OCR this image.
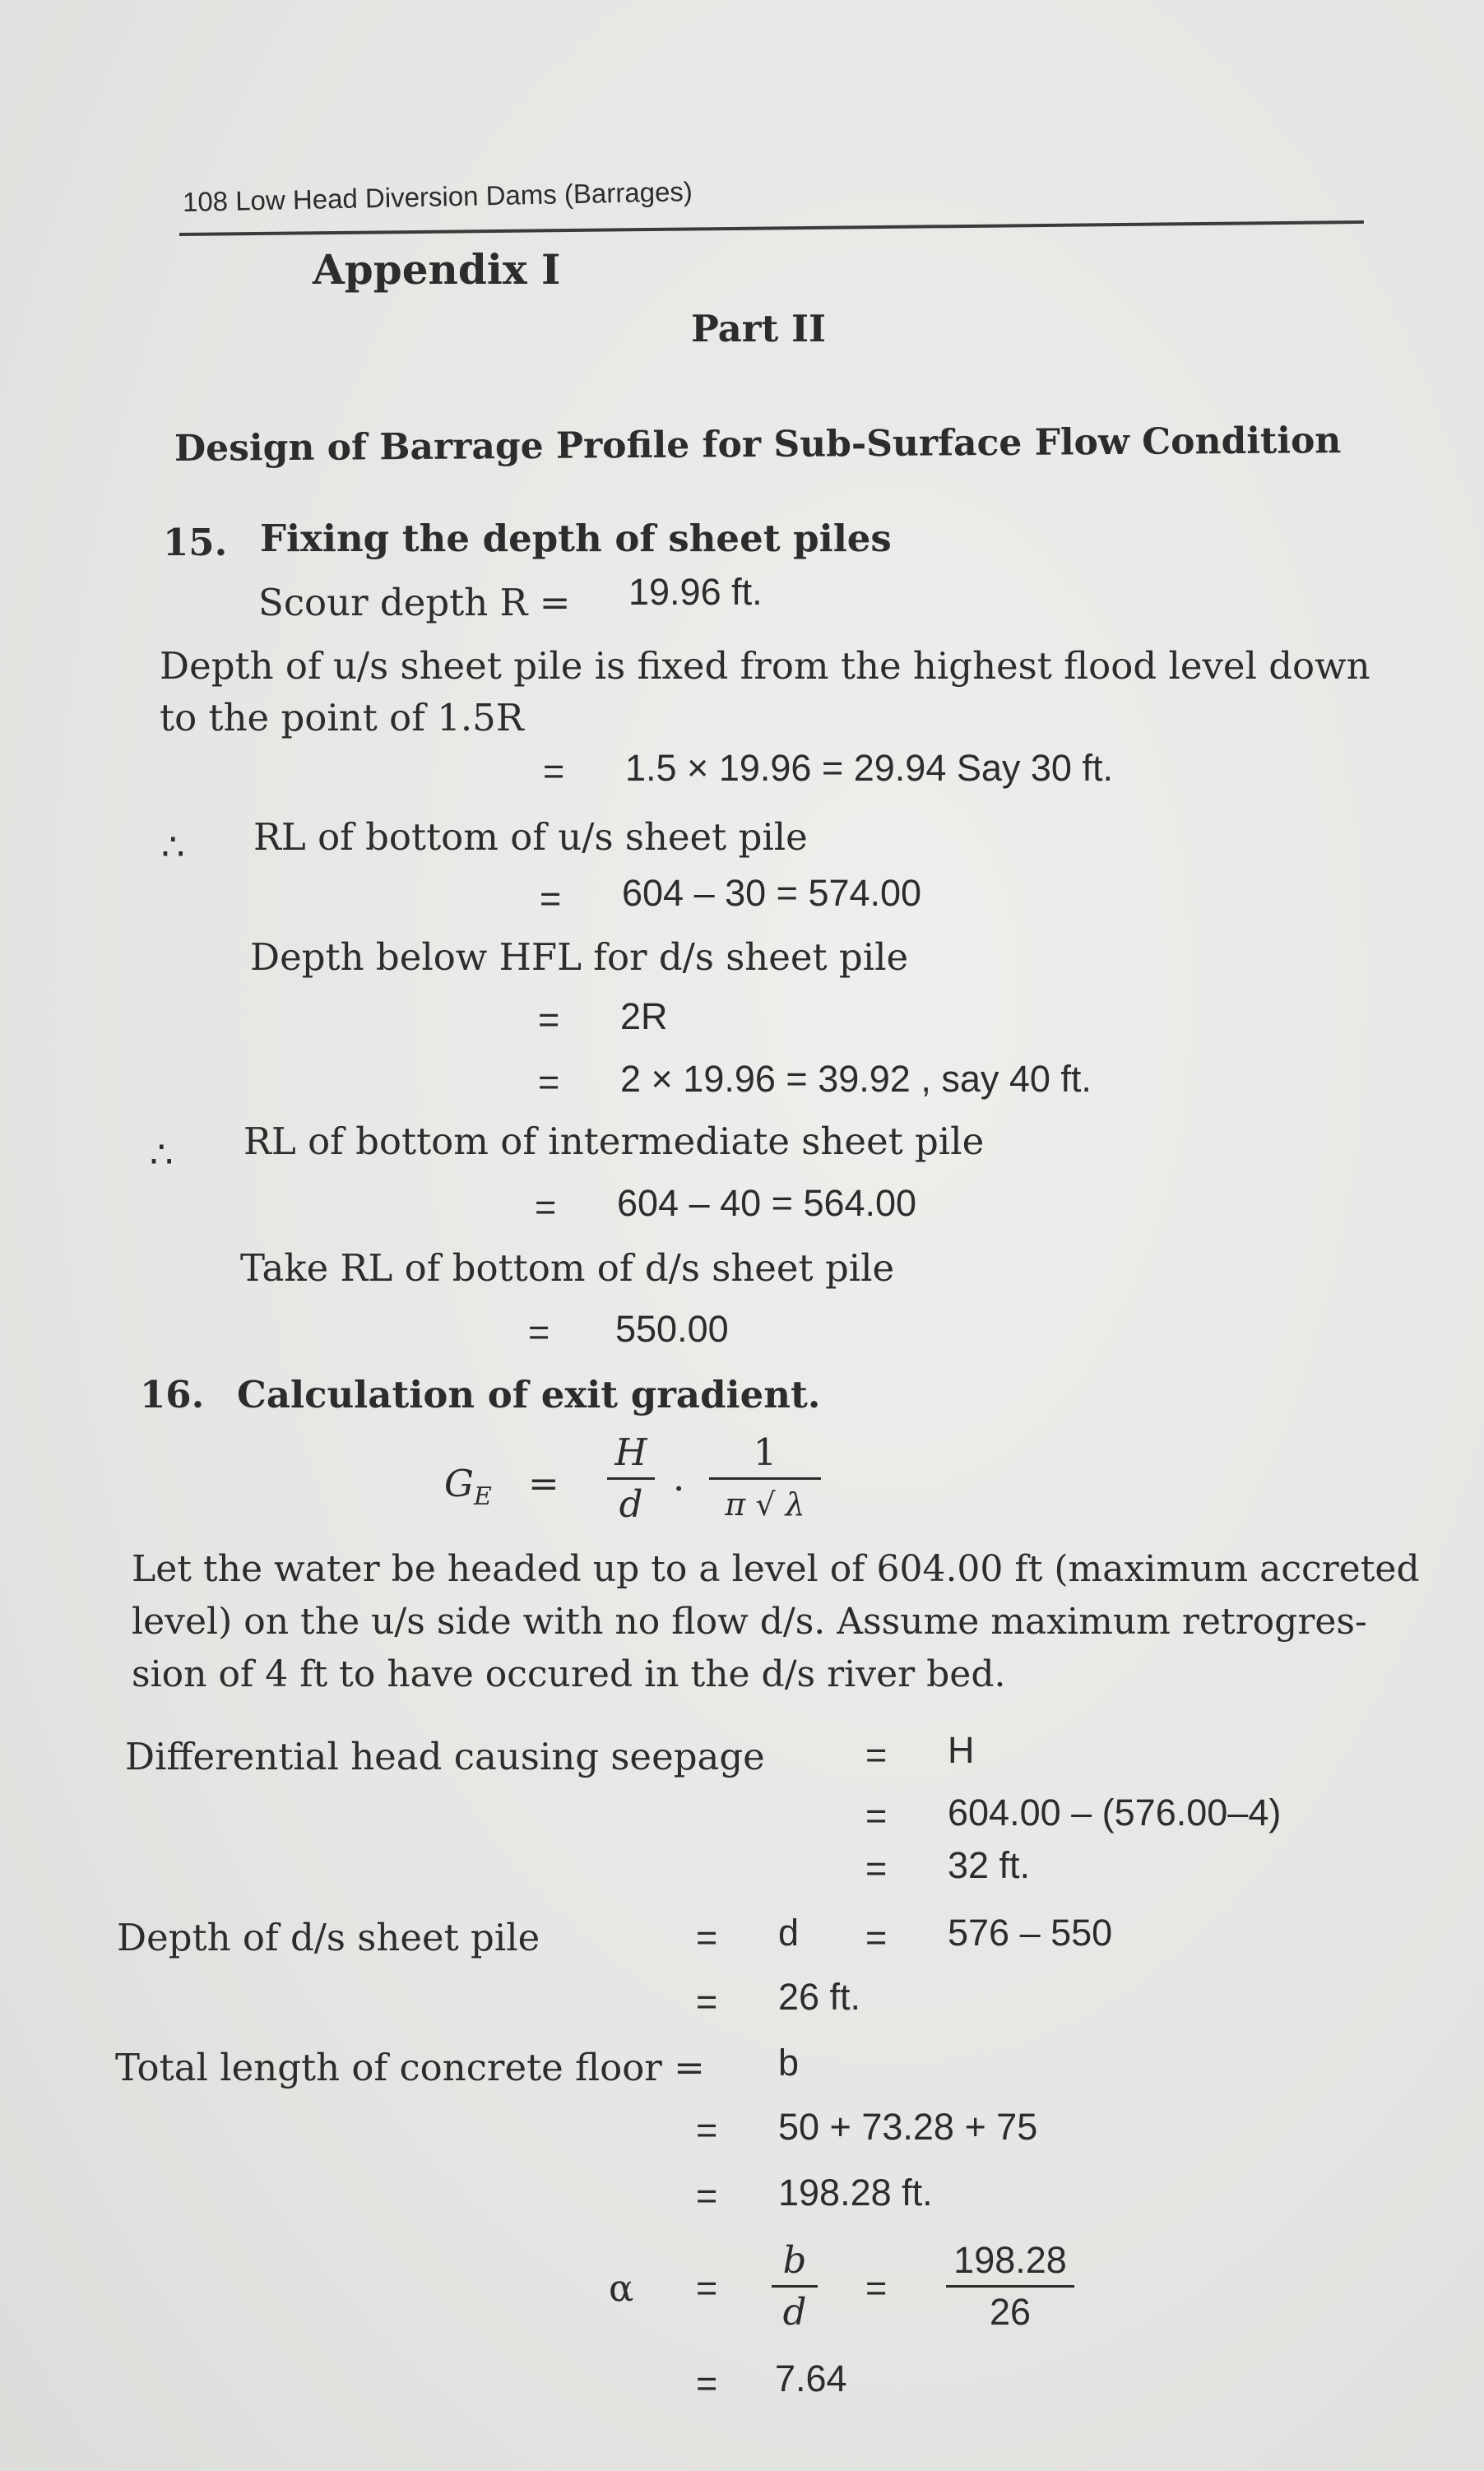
108 Low Head Diversion Dams (Barrages)
Appendix I
Part II
Design of Barrage Profile for Sub-Surface Flow Condition
15. Fixing the depth of sheet piles
Scour depth R = 19.96 ft.
Depth of u/s sheet pile is fixed from the highest flood level down
to the point of 1.5R
= 1.5 × 19.96 = 29.94 Say 30 ft.
∴ RL of bottom of u/s sheet pile
= 604 – 30 = 574.00
Depth below HFL for d/s sheet pile
= 2R
= 2 × 19.96 = 39.92 , say 40 ft.
∴ RL of bottom of intermediate sheet pile
= 604 – 40 = 564.00
Take RL of bottom of d/s sheet pile
= 550.00
16. Calculation of exit gradient.
$G_E$ =
H
d ·
1
π √ λ
Let the water be headed up to a level of 604.00 ft (maximum accreted
level) on the u/s side with no flow d/s. Assume maximum retrogres-
sion of 4 ft to have occured in the d/s river bed.
Differential head causing seepage	= H
= 604.00 – (576.00–4)
= 32 ft.
Depth of d/s sheet pile	= d = 576 – 550
= 26 ft.
Total length of concrete floor = b
= 50 + 73.28 + 75
= 198.28 ft.
α =
b
d
=
198.28
26
= 7.64
